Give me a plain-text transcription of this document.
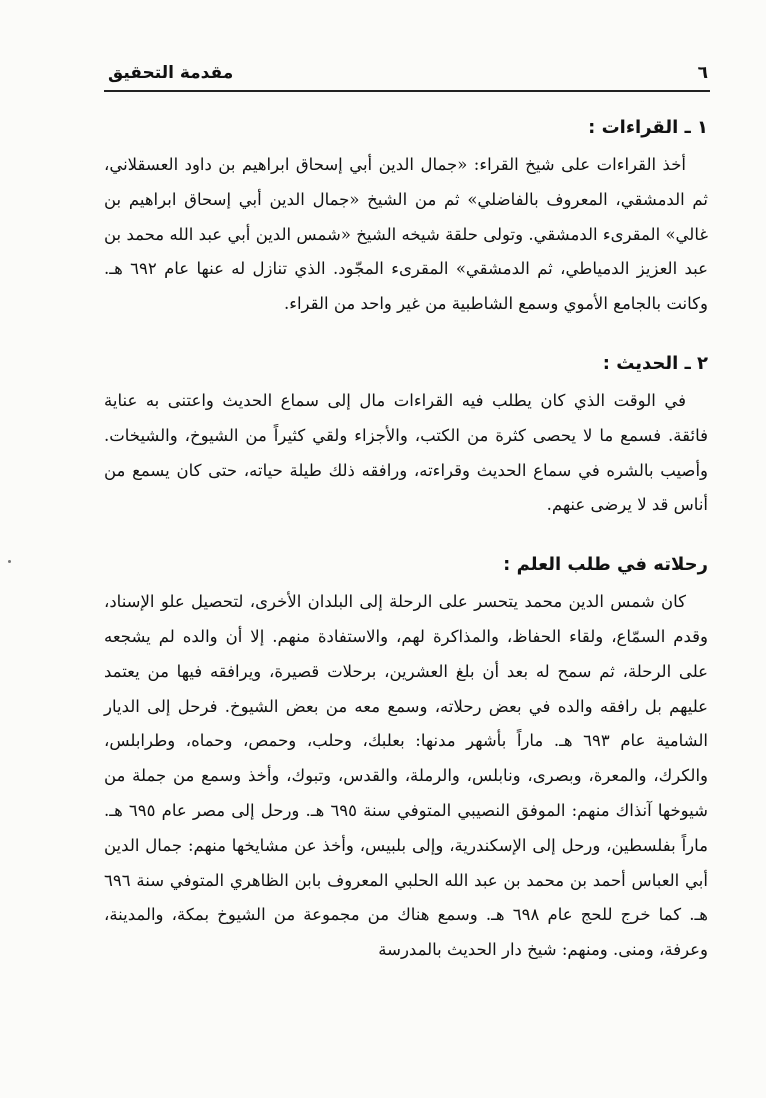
٦
مقدمة التحقيق
١ ـ القراءات :

أخذ القراءات على شيخ القراء: «جمال الدين أبي إسحاق ابراهيم بن داود العسقلاني، ثم الدمشقي، المعروف بالفاضلي» ثم من الشيخ «جمال الدين أبي إسحاق ابراهيم بن غالي» المقرىء الدمشقي. وتولى حلقة شيخه الشيخ «شمس الدين أبي عبد الله محمد بن عبد العزيز الدمياطي، ثم الدمشقي» المقرىء المجّود. الذي تنازل له عنها عام ٦٩٢ هـ. وكانت بالجامع الأموي وسمع الشاطبية من غير واحد من القراء.

٢ ـ الحديث :

في الوقت الذي كان يطلب فيه القراءات مال إلى سماع الحديث واعتنى به عناية فائقة. فسمع ما لا يحصى كثرة من الكتب، والأجزاء ولقي كثيراً من الشيوخ، والشيخات. وأصيب بالشره في سماع الحديث وقراءته، ورافقه ذلك طيلة حياته، حتى كان يسمع من أناس قد لا يرضى عنهم.

رحلاته في طلب العلم :

كان شمس الدين محمد يتحسر على الرحلة إلى البلدان الأخرى، لتحصيل علو الإسناد، وقدم السمّاع، ولقاء الحفاظ، والمذاكرة لهم، والاستفادة منهم. إلا أن والده لم يشجعه على الرحلة، ثم سمح له بعد أن بلغ العشرين، برحلات قصيرة، ويرافقه فيها من يعتمد عليهم بل رافقه والده في بعض رحلاته، وسمع معه من بعض الشيوخ. فرحل إلى الديار الشامية عام ٦٩٣ هـ. ماراً بأشهر مدنها: بعلبك، وحلب، وحمص، وحماه، وطرابلس، والكرك، والمعرة، وبصرى، ونابلس، والرملة، والقدس، وتبوك، وأخذ وسمع من جملة من شيوخها آنذاك منهم: الموفق النصيبي المتوفي سنة ٦٩٥ هـ. ورحل إلى مصر عام ٦٩٥ هـ. ماراً بفلسطين، ورحل إلى الإسكندرية، وإلى بلبيس، وأخذ عن مشايخها منهم: جمال الدين أبي العباس أحمد بن محمد بن عبد الله الحلبي المعروف بابن الظاهري المتوفي سنة ٦٩٦ هـ. كما خرج للحج عام ٦٩٨ هـ. وسمع هناك من مجموعة من الشيوخ بمكة، والمدينة، وعرفة، ومنى. ومنهم: شيخ دار الحديث بالمدرسة
